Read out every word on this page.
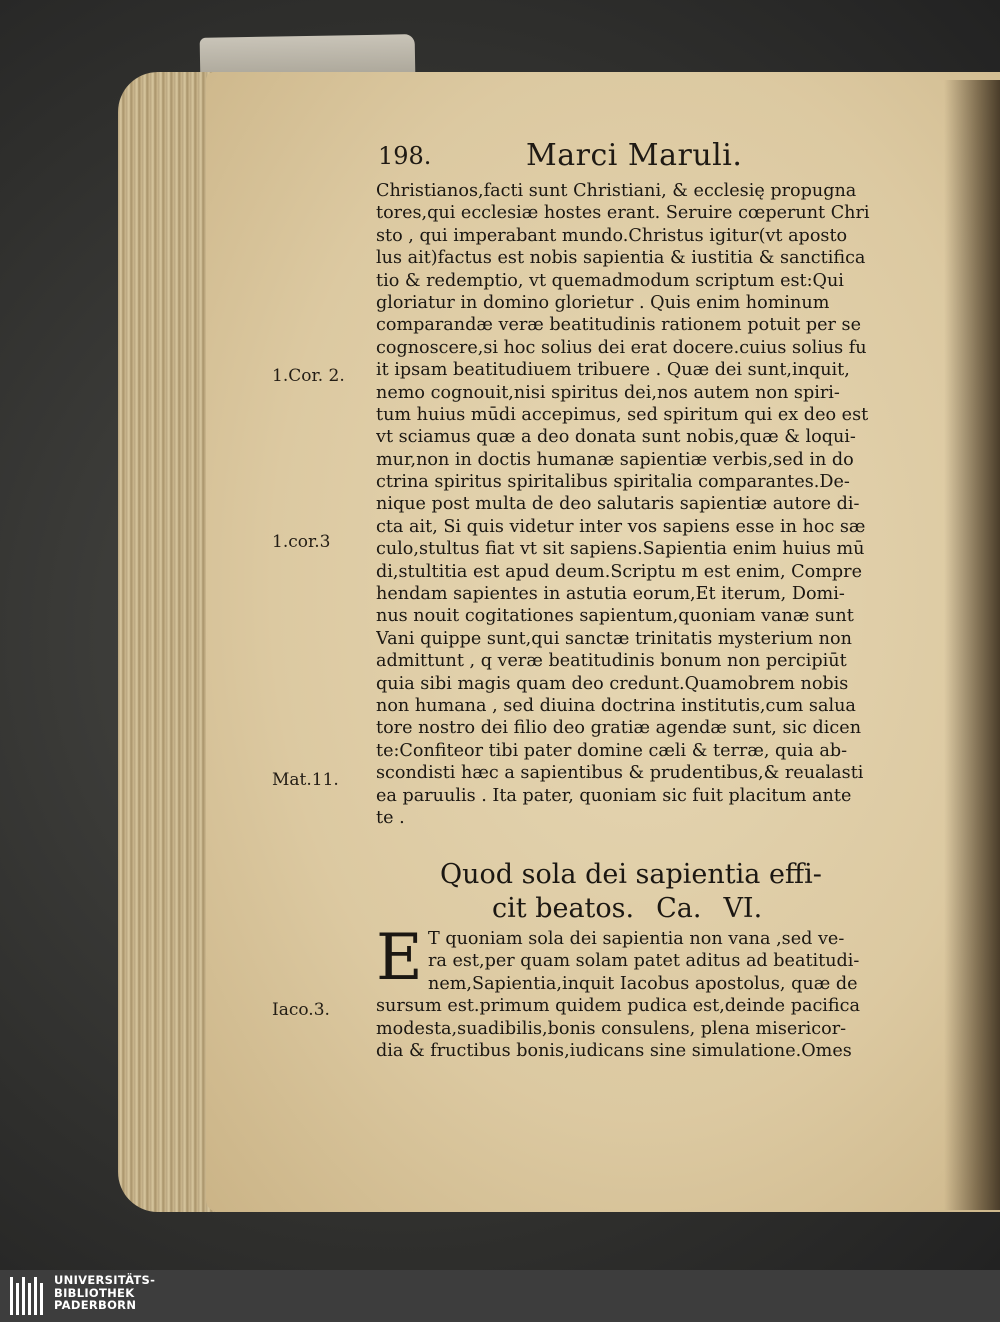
198.	Marci Maruli.
Christianos,facti sunt Christiani, & ecclesię propugna
tores,qui ecclesiæ hostes erant. Seruire cœperunt Chri
sto , qui imperabant mundo.Christus igitur(vt aposto
lus ait)factus est nobis sapientia & iustitia & sanctifica
tio & redemptio, vt quemadmodum scriptum est:Qui
gloriatur in domino glorietur . Quis enim hominum
comparandæ veræ beatitudinis rationem potuit per se
cognoscere,si hoc solius dei erat docere.cuius solius fu
it ipsam beatitudiuem tribuere . Quæ dei sunt,inquit,
nemo cognouit,nisi spiritus dei,nos autem non spiri-
tum huius mūdi accepimus, sed spiritum qui ex deo est
vt sciamus quæ a deo donata sunt nobis,quæ & loqui-
mur,non in doctis humanæ sapientiæ verbis,sed in do
ctrina spiritus spiritalibus spiritalia comparantes.De-
nique post multa de deo salutaris sapientiæ autore di-
cta ait, Si quis videtur inter vos sapiens esse in hoc sæ
culo,stultus fiat vt sit sapiens.Sapientia enim huius mū
di,stultitia est apud deum.Scriptu m est enim, Compre
hendam sapientes in astutia eorum,Et iterum, Domi-
nus nouit cogitationes sapientum,quoniam vanæ sunt
Vani quippe sunt,qui sanctæ trinitatis mysterium non
admittunt , q veræ beatitudinis bonum non percipiūt
quia sibi magis quam deo credunt.Quamobrem nobis
non humana , sed diuina doctrina institutis,cum salua
tore nostro dei filio deo gratiæ agendæ sunt, sic dicen
te:Confiteor tibi pater domine cæli & terræ, quia ab-
scondisti hæc a sapientibus & prudentibus,& reualasti
ea paruulis . Ita pater, quoniam sic fuit placitum ante
te .
1.Cor. 2.
1.cor.3
Mat.11.
Iaco.3.
Quod sola dei sapientia effi-
cit beatos. Ca. VI.
E T quoniam sola dei sapientia non vana ,sed ve-
ra est,per quam solam patet aditus ad beatitudi-
nem,Sapientia,inquit Iacobus apostolus, quæ de
sursum est.primum quidem pudica est,deinde pacifica
modesta,suadibilis,bonis consulens, plena misericor-
dia & fructibus bonis,iudicans sine simulatione.Omes
UNIVERSITÄTS-
BIBLIOTHEK
PADERBORN
